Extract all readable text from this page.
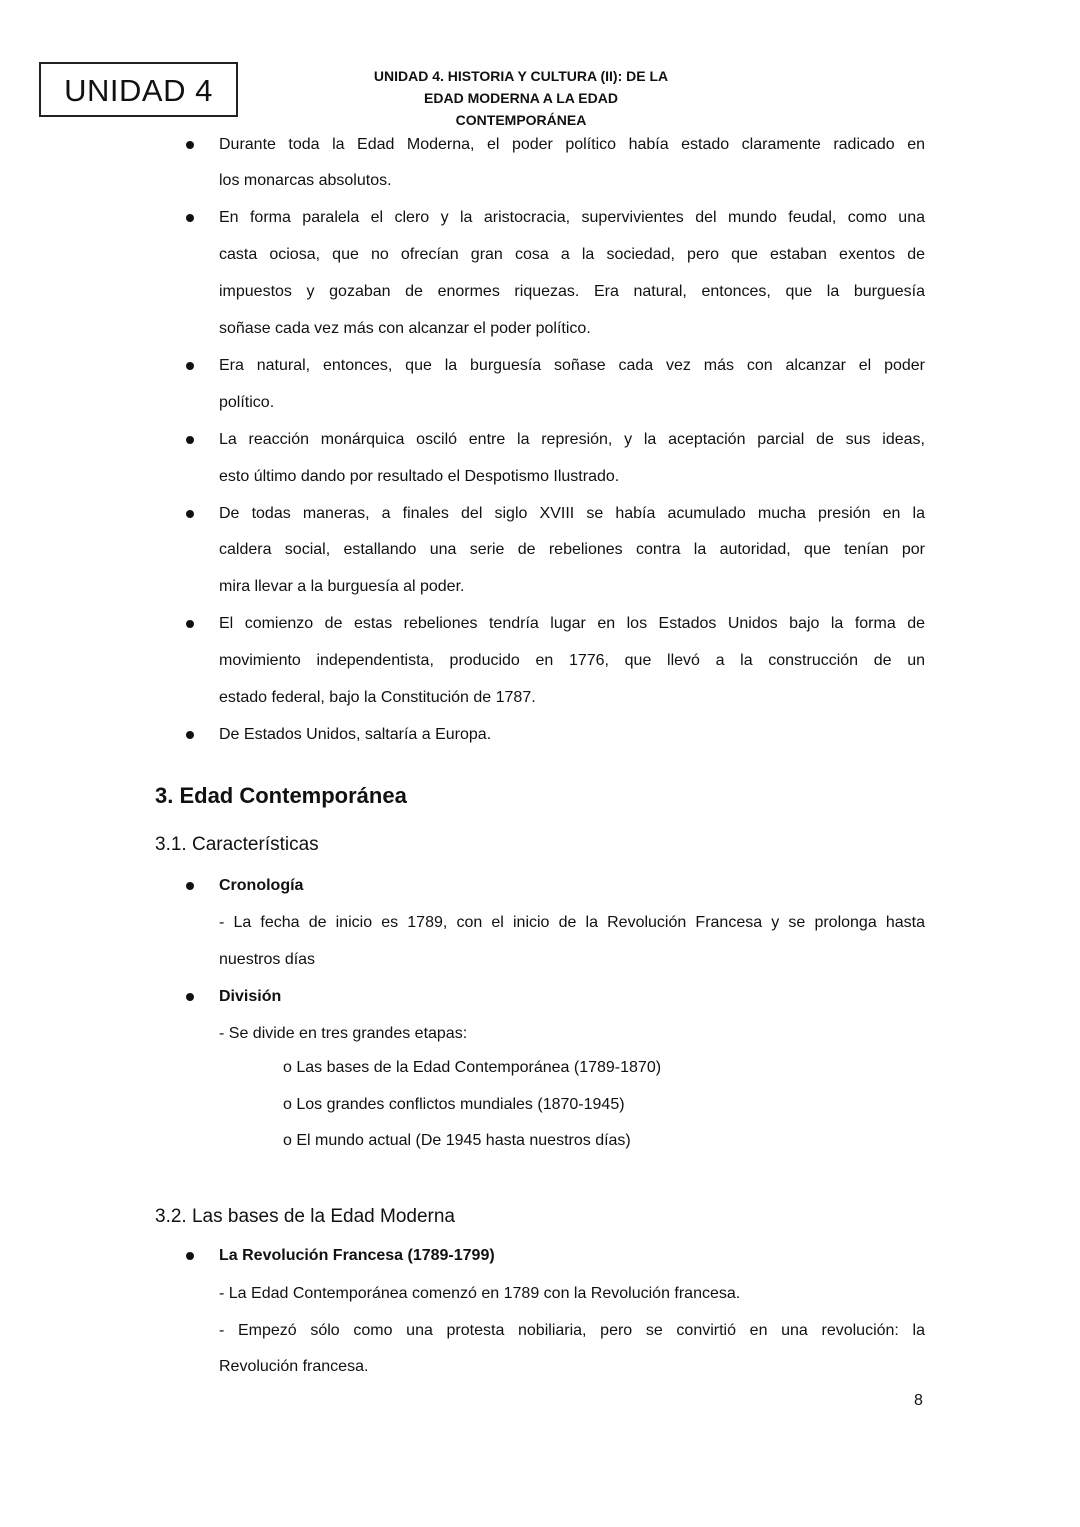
UNIDAD 4	UNIDAD 4. HISTORIA Y CULTURA (II): DE LA
EDAD MODERNA A LA EDAD
CONTEMPORÁNEA
Durante toda la Edad Moderna, el poder político había estado claramente radicado en
los monarcas absolutos.
En forma paralela el clero y la aristocracia, supervivientes del mundo feudal, como una
casta ociosa, que no ofrecían gran cosa a la sociedad, pero que estaban exentos de
impuestos y gozaban de enormes riquezas. Era natural, entonces, que la burguesía
soñase cada vez más con alcanzar el poder político.
Era natural, entonces, que la burguesía soñase cada vez más con alcanzar el poder
político.
La reacción monárquica osciló entre la represión, y la aceptación parcial de sus ideas,
esto último dando por resultado el Despotismo Ilustrado.
De todas maneras, a finales del siglo XVIII se había acumulado mucha presión en la
caldera social, estallando una serie de rebeliones contra la autoridad, que tenían por
mira llevar a la burguesía al poder.
El comienzo de estas rebeliones tendría lugar en los Estados Unidos bajo la forma de
movimiento independentista, producido en 1776, que llevó a la construcción de un
estado federal, bajo la Constitución de 1787.
De Estados Unidos, saltaría a Europa.
3. Edad Contemporánea
3.1. Características
Cronología
- La fecha de inicio es 1789, con el inicio de la Revolución Francesa y se prolonga hasta
nuestros días
División
- Se divide en tres grandes etapas:
o Las bases de la Edad Contemporánea (1789-1870)
o Los grandes conflictos mundiales (1870-1945)
o El mundo actual (De 1945 hasta nuestros días)
3.2. Las bases de la Edad Moderna
La Revolución Francesa (1789-1799)
- La Edad Contemporánea comenzó en 1789 con la Revolución francesa.
- Empezó sólo como una protesta nobiliaria, pero se convirtió en una revolución: la
Revolución francesa.
8
